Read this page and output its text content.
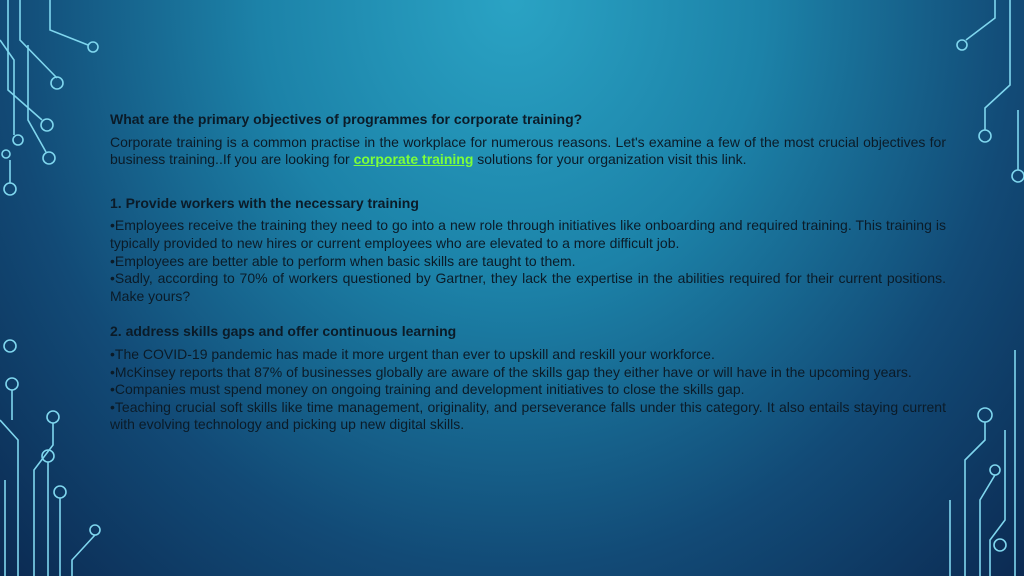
What are the primary objectives of programmes for corporate training?

Corporate training is a common practise in the workplace for numerous reasons. Let's examine a few of the most crucial objectives for business training..If you are looking for corporate training solutions for your organization visit this link.

1. Provide workers with the necessary training

•Employees receive the training they need to go into a new role through initiatives like onboarding and required training. This training is typically provided to new hires or current employees who are elevated to a more difficult job.

•Employees are better able to perform when basic skills are taught to them.

•Sadly, according to 70% of workers questioned by Gartner, they lack the expertise in the abilities required for their current positions. Make yours?

2. address skills gaps and offer continuous learning

•The COVID-19 pandemic has made it more urgent than ever to upskill and reskill your workforce.

•McKinsey reports that 87% of businesses globally are aware of the skills gap they either have or will have in the upcoming years.

•Companies must spend money on ongoing training and development initiatives to close the skills gap.

•Teaching crucial soft skills like time management, originality, and perseverance falls under this category. It also entails staying current with evolving technology and picking up new digital skills.
